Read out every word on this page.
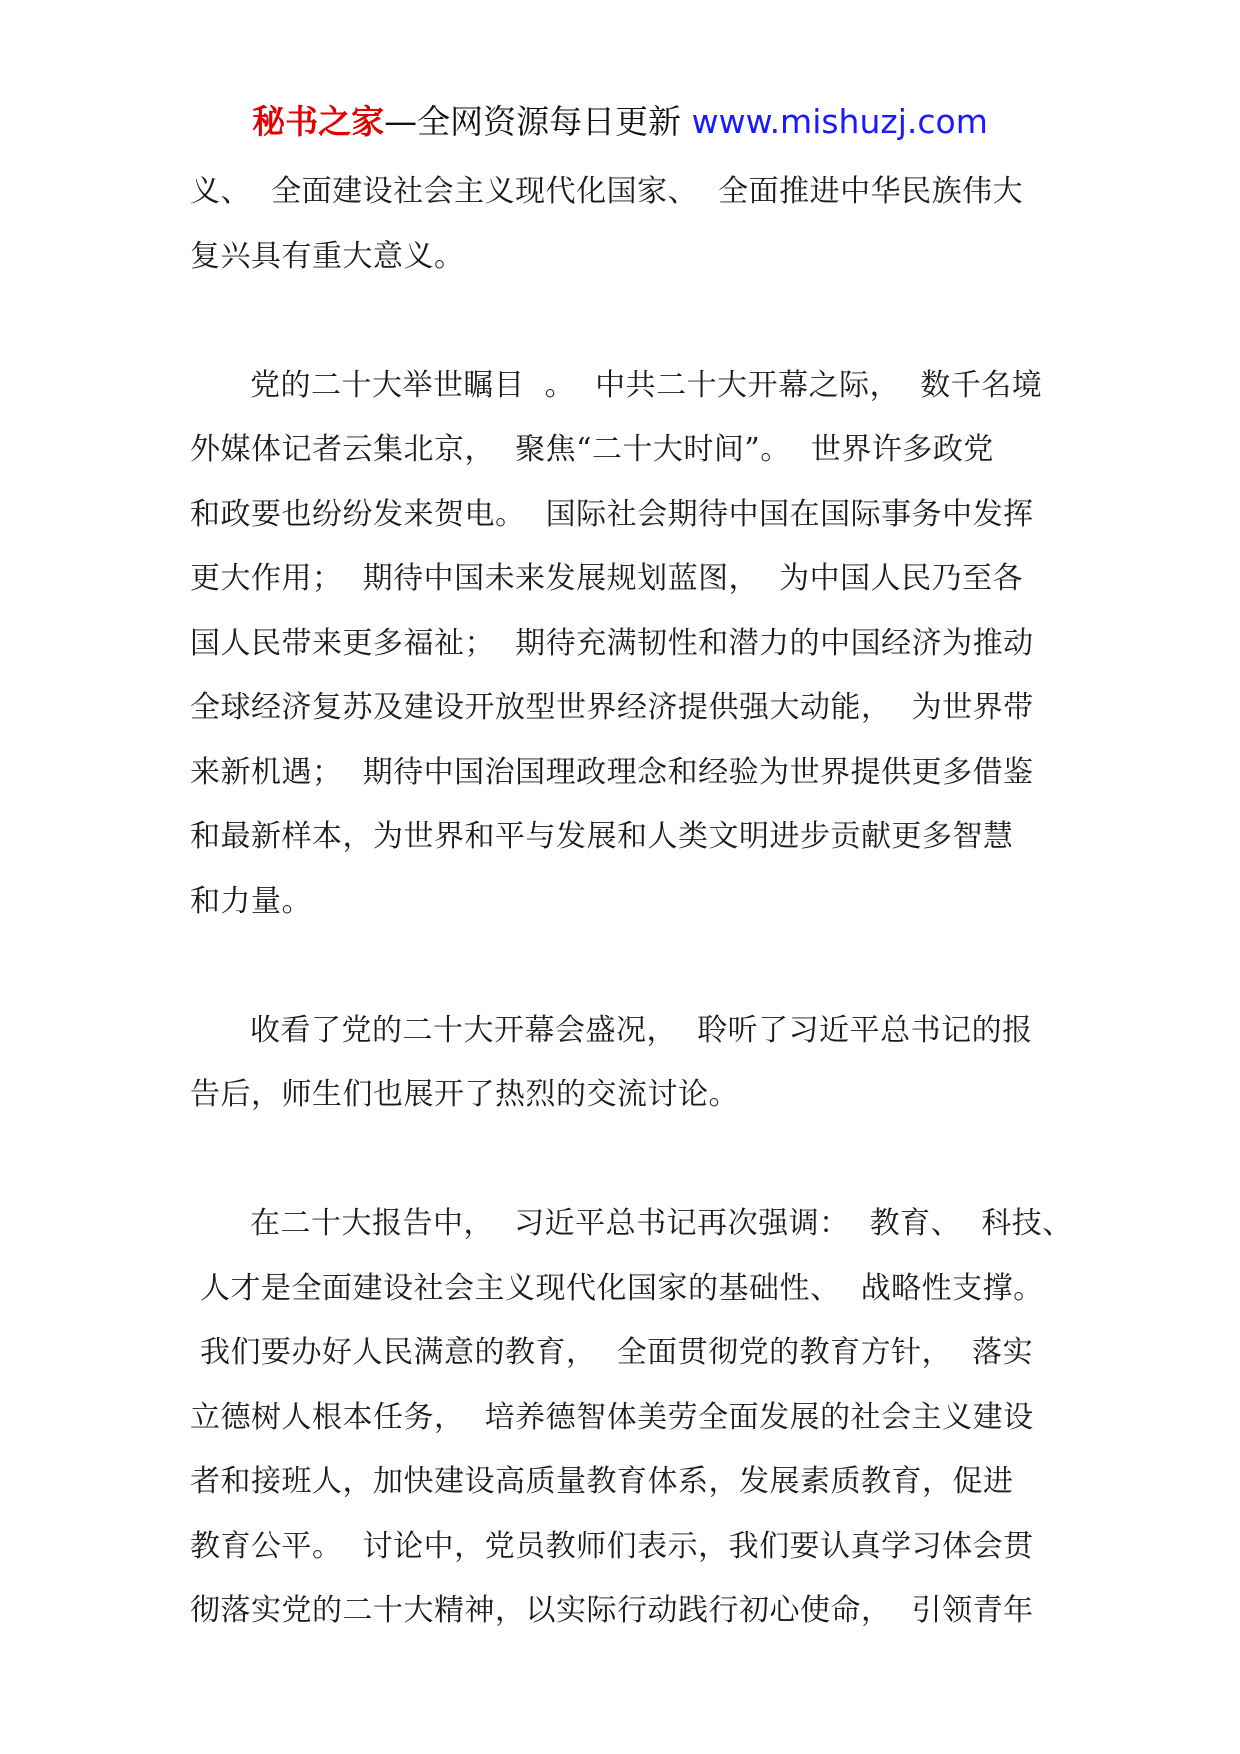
秘书之家—全网资源每日更新 www.mishuzj.com
义、  全面建设社会主义现代化国家、  全面推进中华民族伟大
复兴具有重大意义。
党的二十大举世瞩目  。  中共二十大开幕之际，  数千名境
外媒体记者云集北京，  聚焦“二十大时间”。  世界许多政党
和政要也纷纷发来贺电。  国际社会期待中国在国际事务中发挥
更大作用；  期待中国未来发展规划蓝图，  为中国人民乃至各
国人民带来更多福祉；  期待充满韧性和潜力的中国经济为推动
全球经济复苏及建设开放型世界经济提供强大动能，  为世界带
来新机遇；  期待中国治国理政理念和经验为世界提供更多借鉴
和最新样本，为世界和平与发展和人类文明进步贡献更多智慧
和力量。
收看了党的二十大开幕会盛况，  聆听了习近平总书记的报
告后，师生们也展开了热烈的交流讨论。
在二十大报告中，  习近平总书记再次强调：  教育、  科技、
人才是全面建设社会主义现代化国家的基础性、  战略性支撑。
我们要办好人民满意的教育，  全面贯彻党的教育方针，  落实
立德树人根本任务，  培养德智体美劳全面发展的社会主义建设
者和接班人，加快建设高质量教育体系，发展素质教育，促进
教育公平。  讨论中，党员教师们表示，我们要认真学习体会贯
彻落实党的二十大精神，以实际行动践行初心使命，  引领青年
